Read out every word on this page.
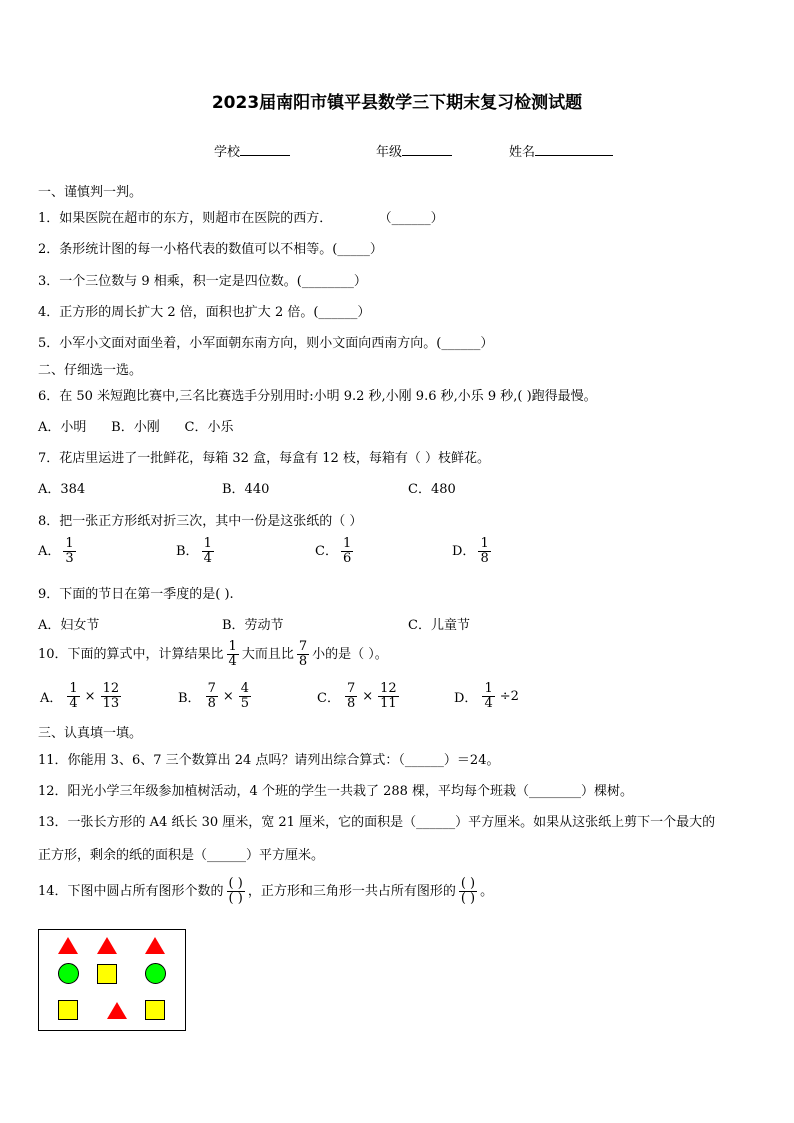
2023届南阳市镇平县数学三下期末复习检测试题
学校	年级	姓名
一、谨慎判一判。
1．如果医院在超市的东方，则超市在医院的西方．	（______）
2．条形统计图的每一小格代表的数值可以不相等。(_____）
3．一个三位数与 9 相乘，积一定是四位数。(________）
4．正方形的周长扩大 2 倍，面积也扩大 2 倍。(______）
5．小军小文面对面坐着，小军面朝东南方向，则小文面向西南方向。(______）
二、仔细选一选。
6．在 50 米短跑比赛中,三名比赛选手分别用时:小明 9.2 秒,小刚 9.6 秒,小乐 9 秒,( )跑得最慢。
A．小明      B．小刚      C．小乐
7．花店里运进了一批鲜花，每箱 32 盒，每盒有 12 枝，每箱有（ ）枝鲜花。
A．384	B．440	C．480
8．把一张正方形纸对折三次，其中一份是这张纸的（ ）
A． $\frac{1}{3}$	B． $\frac{1}{4}$	C． $\frac{1}{6}$	D． $\frac{1}{8}$
9．下面的节日在第一季度的是( ).
A．妇女节	B．劳动节	C．儿童节
10．下面的算式中，计算结果比 $\frac{1}{4}$ 大而且比 $\frac{7}{8}$ 小的是（ ）。
A． $\frac{1}{4} \times \frac{12}{13}$	B． $\frac{7}{8} \times \frac{4}{5}$	C． $\frac{7}{8} \times \frac{12}{11}$	D． $\frac{1}{4} \div 2$
三、认真填一填。
11．你能用 3、6、7 三个数算出 24 点吗？请列出综合算式：（______）＝24。
12．阳光小学三年级参加植树活动，4 个班的学生一共栽了 288 棵，平均每个班栽（________）棵树。
13．一张长方形的 A4 纸长 30 厘米，宽 21 厘米，它的面积是（______）平方厘米。如果从这张纸上剪下一个最大的
正方形，剩余的纸的面积是（______）平方厘米。
14．下图中圆占所有图形个数的 $\frac{( )}{( )}$ ，正方形和三角形一共占所有图形的 $\frac{( )}{( )}$ 。
